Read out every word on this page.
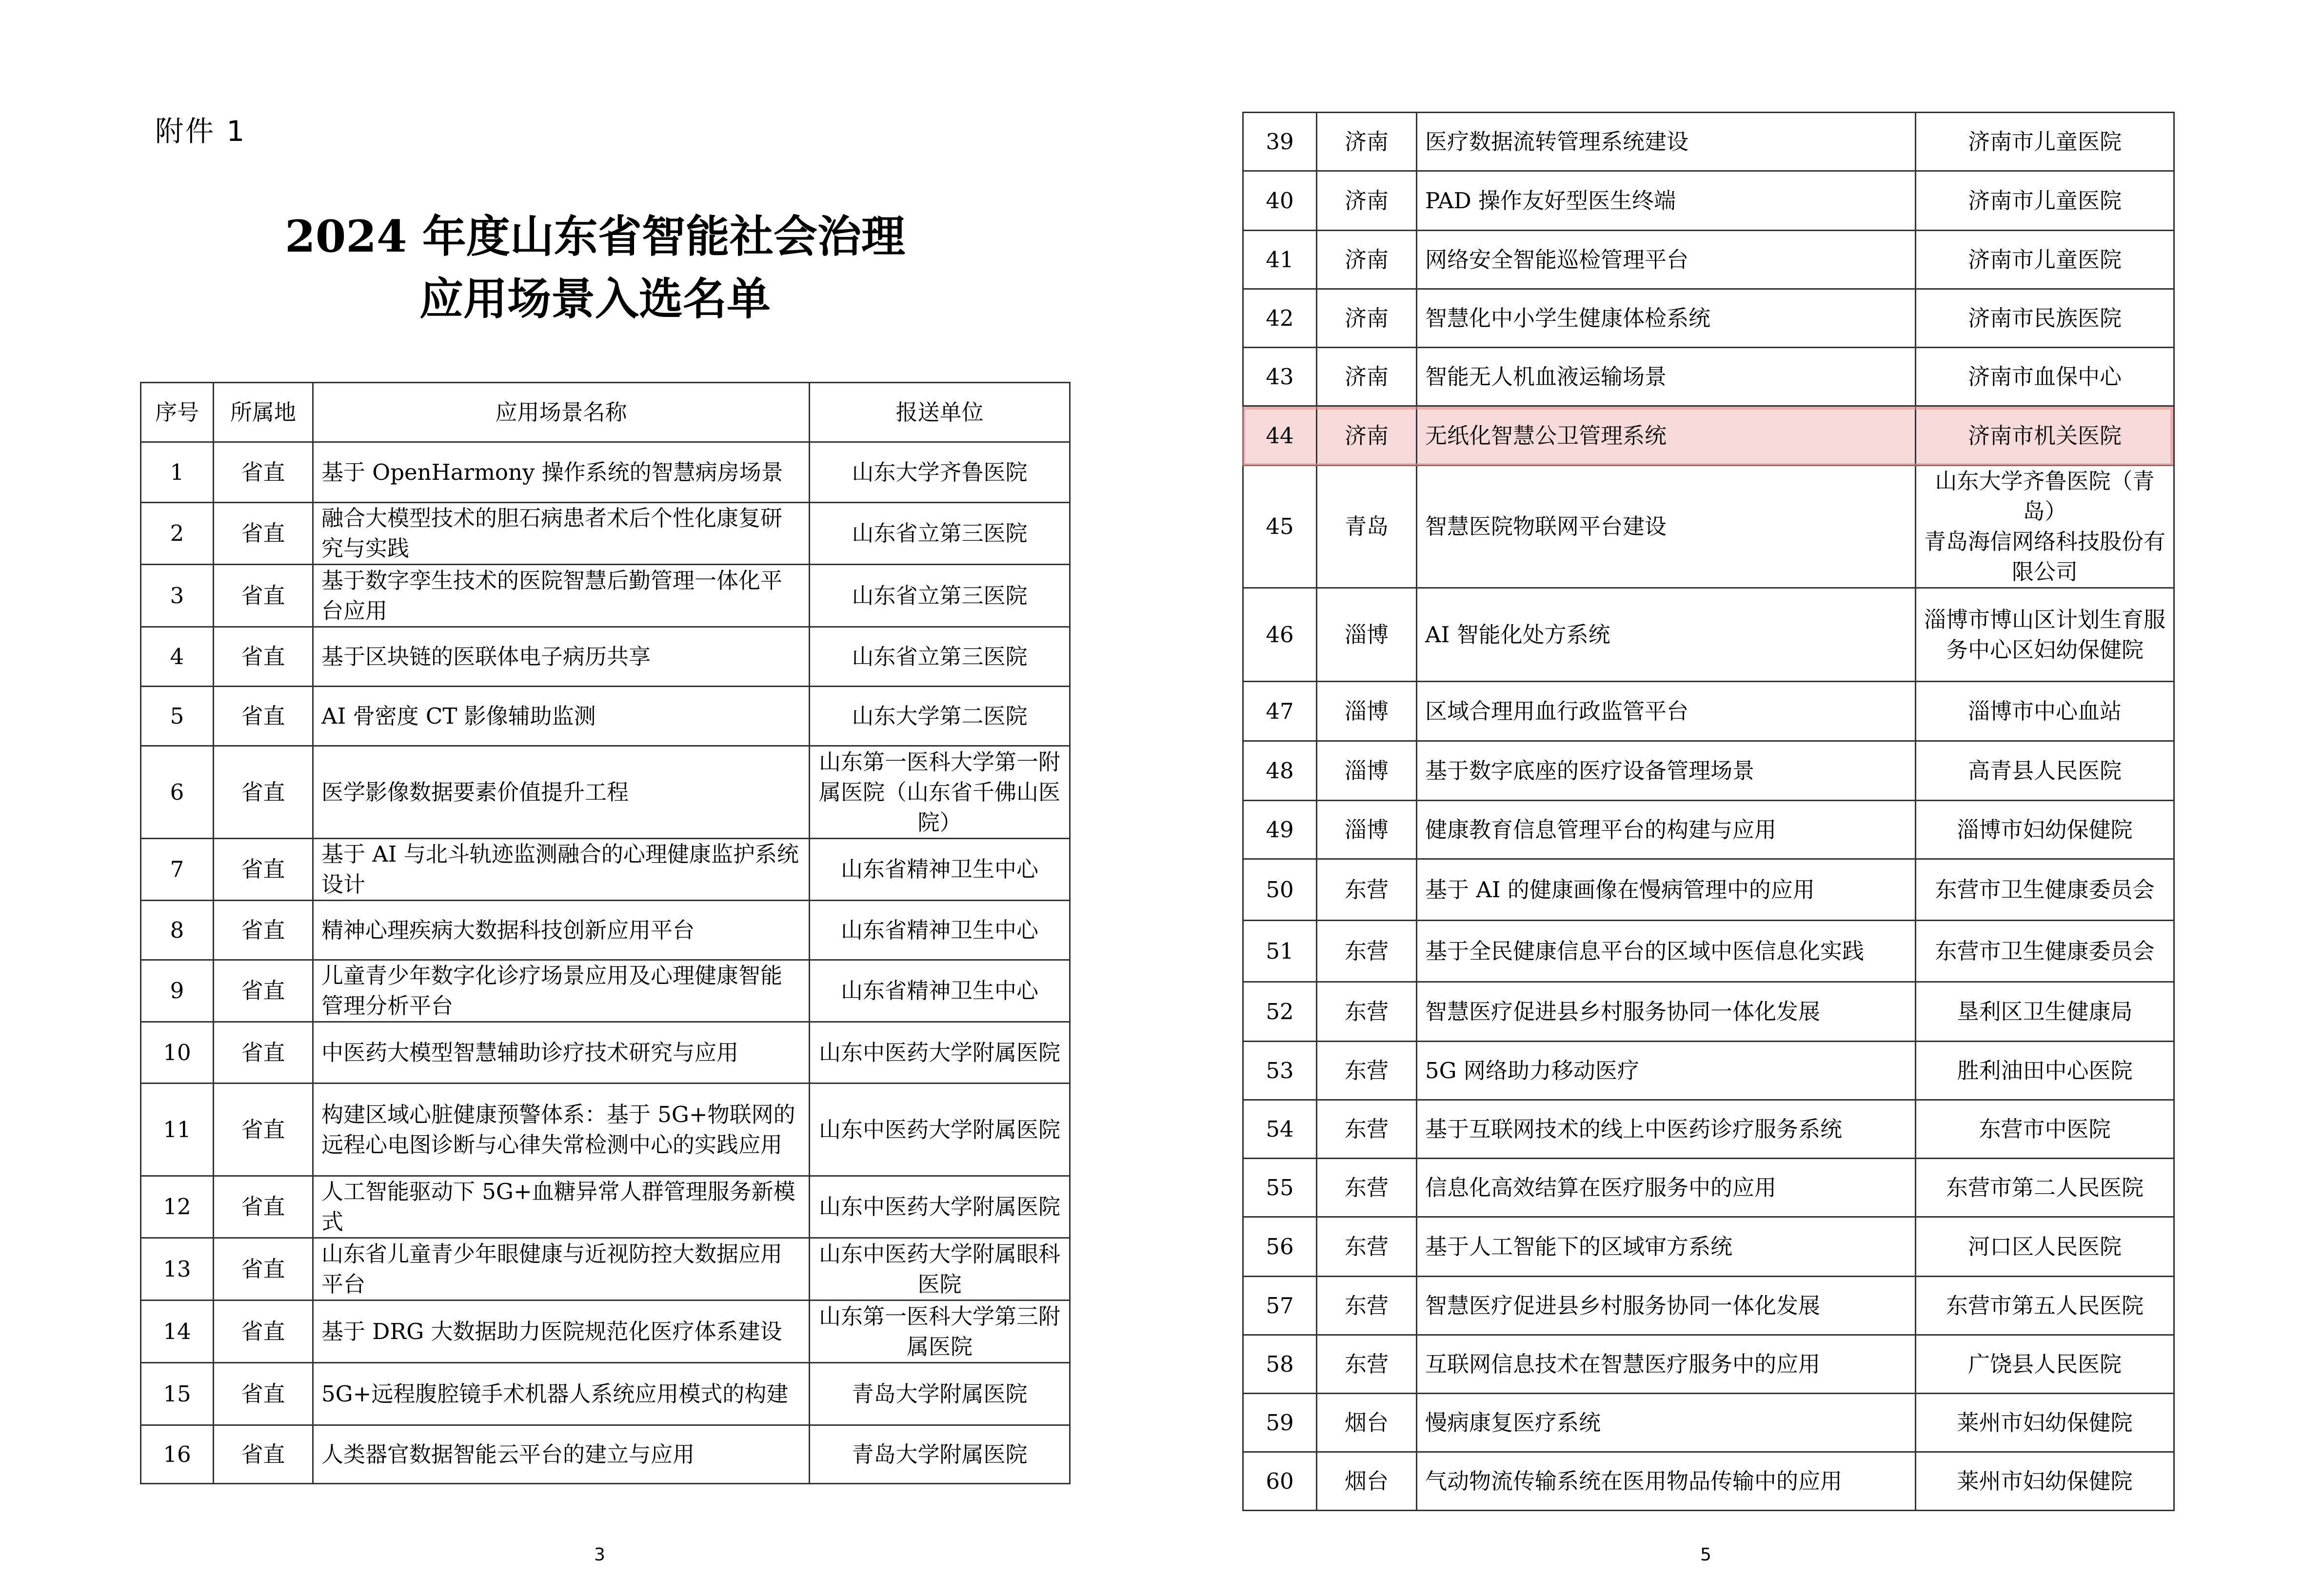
附件 1
2024 年度山东省智能社会治理
应用场景入选名单
序号	所属地	应用场景名称	报送单位
1	省直	基于 OpenHarmony 操作系统的智慧病房场景	山东大学齐鲁医院
2	省直	融合大模型技术的胆石病患者术后个性化康复研究与实践	山东省立第三医院
3	省直	基于数字孪生技术的医院智慧后勤管理一体化平台应用	山东省立第三医院
4	省直	基于区块链的医联体电子病历共享	山东省立第三医院
5	省直	AI 骨密度 CT 影像辅助监测	山东大学第二医院
6	省直	医学影像数据要素价值提升工程	山东第一医科大学第一附属医院（山东省千佛山医院）
7	省直	基于 AI 与北斗轨迹监测融合的心理健康监护系统设计	山东省精神卫生中心
8	省直	精神心理疾病大数据科技创新应用平台	山东省精神卫生中心
9	省直	儿童青少年数字化诊疗场景应用及心理健康智能管理分析平台	山东省精神卫生中心
10	省直	中医药大模型智慧辅助诊疗技术研究与应用	山东中医药大学附属医院
11	省直	构建区域心脏健康预警体系：基于 5G+物联网的远程心电图诊断与心律失常检测中心的实践应用	山东中医药大学附属医院
12	省直	人工智能驱动下 5G+血糖异常人群管理服务新模式	山东中医药大学附属医院
13	省直	山东省儿童青少年眼健康与近视防控大数据应用平台	山东中医药大学附属眼科医院
14	省直	基于 DRG 大数据助力医院规范化医疗体系建设	山东第一医科大学第三附属医院
15	省直	5G+远程腹腔镜手术机器人系统应用模式的构建	青岛大学附属医院
16	省直	人类器官数据智能云平台的建立与应用	青岛大学附属医院
3	5
39	济南	医疗数据流转管理系统建设	济南市儿童医院
40	济南	PAD 操作友好型医生终端	济南市儿童医院
41	济南	网络安全智能巡检管理平台	济南市儿童医院
42	济南	智慧化中小学生健康体检系统	济南市民族医院
43	济南	智能无人机血液运输场景	济南市血保中心
44	济南	无纸化智慧公卫管理系统	济南市机关医院
45	青岛	智慧医院物联网平台建设	山东大学齐鲁医院（青岛）
青岛海信网络科技股份有限公司
46	淄博	AI 智能化处方系统	淄博市博山区计划生育服务中心区妇幼保健院
47	淄博	区域合理用血行政监管平台	淄博市中心血站
48	淄博	基于数字底座的医疗设备管理场景	高青县人民医院
49	淄博	健康教育信息管理平台的构建与应用	淄博市妇幼保健院
50	东营	基于 AI 的健康画像在慢病管理中的应用	东营市卫生健康委员会
51	东营	基于全民健康信息平台的区域中医信息化实践	东营市卫生健康委员会
52	东营	智慧医疗促进县乡村服务协同一体化发展	垦利区卫生健康局
53	东营	5G 网络助力移动医疗	胜利油田中心医院
54	东营	基于互联网技术的线上中医药诊疗服务系统	东营市中医院
55	东营	信息化高效结算在医疗服务中的应用	东营市第二人民医院
56	东营	基于人工智能下的区域审方系统	河口区人民医院
57	东营	智慧医疗促进县乡村服务协同一体化发展	东营市第五人民医院
58	东营	互联网信息技术在智慧医疗服务中的应用	广饶县人民医院
59	烟台	慢病康复医疗系统	莱州市妇幼保健院
60	烟台	气动物流传输系统在医用物品传输中的应用	莱州市妇幼保健院
